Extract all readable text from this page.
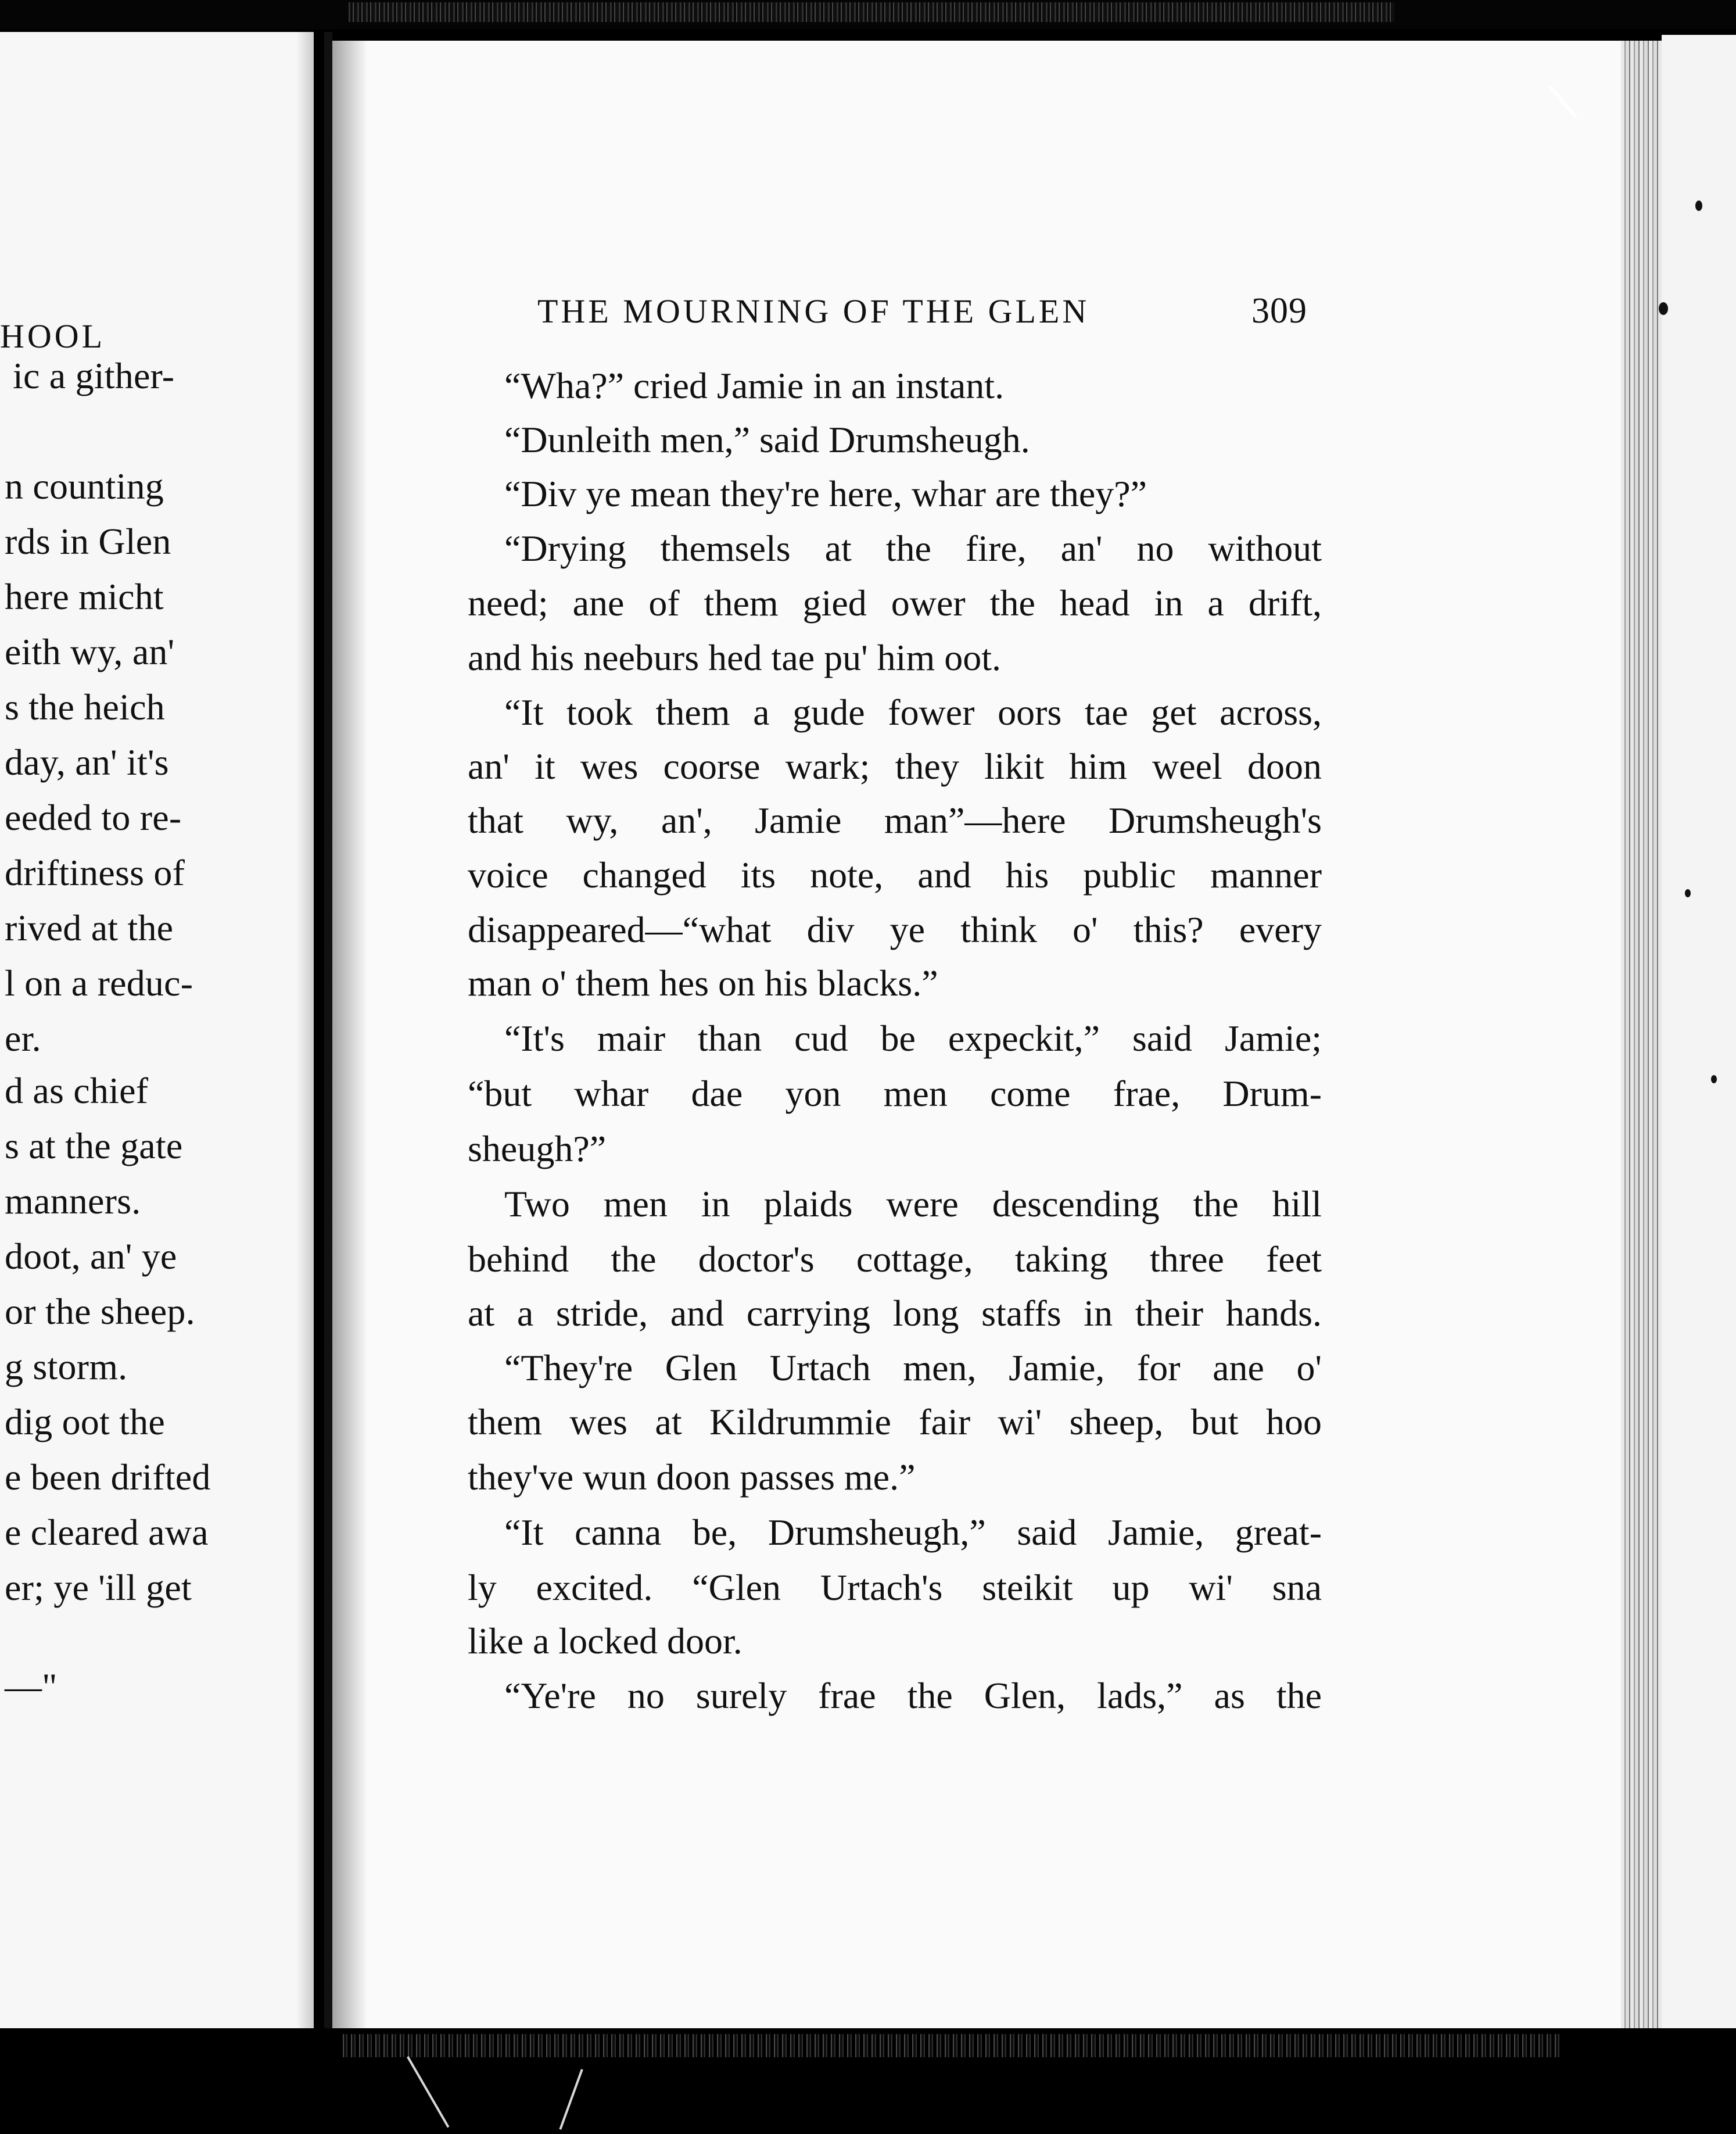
HOOL
ic a gither-
n counting
rds in Glen
here micht
eith wy, an'
s the heich
day, an' it's
eeded to re-
driftiness of
rived at the
l on a reduc-
er.
d as chief
s at the gate
manners.
doot, an' ye
or the sheep.
g storm.
dig oot the
e been drifted
e cleared awa
er; ye 'ill get
—"
THE MOURNING OF THE GLEN	309
“Wha?” cried Jamie in an instant.
“Dunleith men,” said Drumsheugh.
“Div ye mean they're here, whar are they?”
“Drying themsels at the fire, an' no without
need; ane of them gied ower the head in a drift,
and his neeburs hed tae pu' him oot.
“It took them a gude fower oors tae get across,
an' it wes coorse wark; they likit him weel doon
that wy, an', Jamie man”—here Drumsheugh's
voice changed its note, and his public manner
disappeared—“what div ye think o' this? every
man o' them hes on his blacks.”
“It's mair than cud be expeckit,” said Jamie;
“but whar dae yon men come frae, Drum-
sheugh?”
Two men in plaids were descending the hill
behind the doctor's cottage, taking three feet
at a stride, and carrying long staffs in their hands.
“They're Glen Urtach men, Jamie, for ane o'
them wes at Kildrummie fair wi' sheep, but hoo
they've wun doon passes me.”
“It canna be, Drumsheugh,” said Jamie, great-
ly excited. “Glen Urtach's steikit up wi' sna
like a locked door.
“Ye're no surely frae the Glen, lads,” as the
